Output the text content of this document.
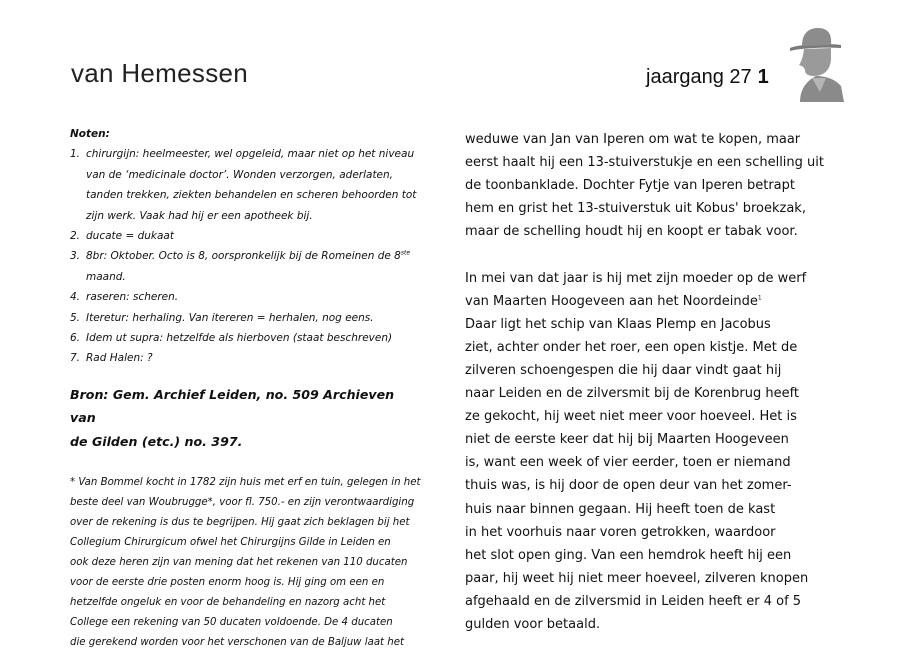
van Hemessen	jaargang 27 1
Noten:
1. chirurgijn: heelmeester, wel opgeleid, maar niet op het niveau
van de ‘medicinale doctor’. Wonden verzorgen, aderlaten,
tanden trekken, ziekten behandelen en scheren behoorden tot
zijn werk. Vaak had hij er een apotheek bij.
2. ducate = dukaat
3. 8br: Oktober. Octo is 8, oorspronkelijk bij de Romeinen de 8ste
maand.
4. raseren: scheren.
5. Iteretur: herhaling. Van itereren = herhalen, nog eens.
6. Idem ut supra: hetzelfde als hierboven (staat beschreven)
7. Rad Halen: ?
Bron: Gem. Archief Leiden, no. 509 Archieven van
de Gilden (etc.) no. 397.
* Van Bommel kocht in 1782 zijn huis met erf en tuin, gelegen in het
beste deel van Woubrugge*, voor fl. 750.- en zijn verontwaardiging
over de rekening is dus te begrijpen. Hij gaat zich beklagen bij het
Collegium Chirurgicum ofwel het Chirurgijns Gilde in Leiden en
ook deze heren zijn van mening dat het rekenen van 110 ducaten
voor de eerste drie posten enorm hoog is. Hij ging om een en
hetzelfde ongeluk en voor de behandeling en nazorg acht het
College een rekening van 50 ducaten voldoende. De 4 ducaten
die gerekend worden voor het verschonen van de Baljuw laat het

weduwe van Jan van Iperen om wat te kopen, maar

eerst haalt hij een 13-stuiverstukje en een schelling uit

de toonbanklade. Dochter Fytje van Iperen betrapt

hem en grist het 13-stuiverstuk uit Kobus' broekzak,

maar de schelling houdt hij en koopt er tabak voor.

In mei van dat jaar is hij met zijn moeder op de werf

van Maarten Hoogeveen aan het Noordeinde$^1$

Daar ligt het schip van Klaas Plemp en Jacobus

ziet, achter onder het roer, een open kistje. Met de

zilveren schoengespen die hij daar vindt gaat hij

naar Leiden en de zilversmit bij de Korenbrug heeft

ze gekocht, hij weet niet meer voor hoeveel. Het is

niet de eerste keer dat hij bij Maarten Hoogeveen

is, want een week of vier eerder, toen er niemand

thuis was, is hij door de open deur van het zomer-

huis naar binnen gegaan. Hij heeft toen de kast

in het voorhuis naar voren getrokken, waardoor

het slot open ging. Van een hemdrok heeft hij een

paar, hij weet hij niet meer hoeveel, zilveren knopen

afgehaald en de zilversmid in Leiden heeft er 4 of 5

gulden voor betaald.
